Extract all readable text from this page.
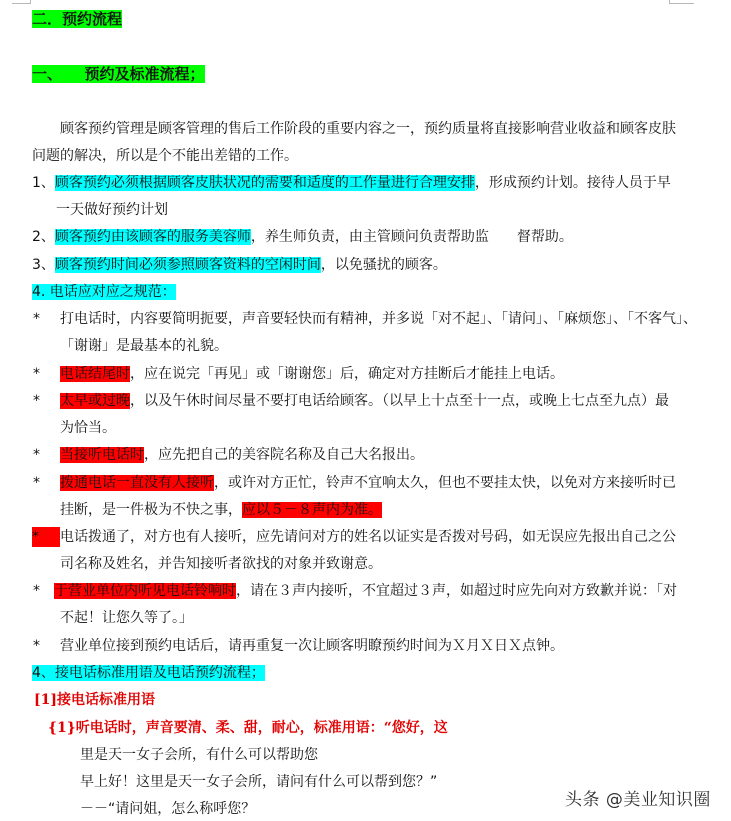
二．预约流程
一、　　预约及标准流程；
顾客预约管理是顾客管理的售后工作阶段的重要内容之一，预约质量将直接影响营业收益和顾客皮肤
问题的解决，所以是个不能出差错的工作。
1、顾客预约必须根据顾客皮肤状况的需要和适度的工作量进行合理安排，形成预约计划。接待人员于早
一天做好预约计划
2、顾客预约由该顾客的服务美容师，养生师负责，由主管顾问负责帮助监　　督帮助。
3、顾客预约时间必须参照顾客资料的空闲时间，以免骚扰的顾客。
4. 电话应对应之规范：
*	打电话时，内容要简明扼要，声音要轻快而有精神，并多说「对不起」、「请问」、「麻烦您」、「不客气」、
「谢谢」是最基本的礼貌。
*	电话结尾时，应在说完「再见」或「谢谢您」后，确定对方挂断后才能挂上电话。
*	太早或过晚，以及午休时间尽量不要打电话给顾客。（以早上十点至十一点，或晚上七点至九点）最
为恰当。
*	当接听电话时，应先把自己的美容院名称及自己大名报出。
*	拨通电话一直没有人接听，或许对方正忙，铃声不宜响太久，但也不要挂太快，以免对方来接听时已
挂断，是一件极为不快之事，应以５－８声内为准。
*	电话拨通了，对方也有人接听，应先请问对方的姓名以证实是否拨对号码，如无误应先报出自己之公
司名称及姓名，并告知接听者欲找的对象并致谢意。
*	于营业单位内听见电话铃响时，请在３声内接听，不宜超过３声，如超过时应先向对方致歉并说：「对
不起！让您久等了。」
*	营业单位接到预约电话后，请再重复一次让顾客明瞭预约时间为Ｘ月Ｘ日Ｘ点钟。
4、接电话标准用语及电话预约流程；
[1]接电话标准用语
{1}听电话时，声音要清、柔、甜，耐心，标准用语：“您好，这
里是天一女子会所，有什么可以帮助您
早上好！这里是天一女子会所，请问有什么可以帮到您？”
－－“请问姐，怎么称呼您？	头条 @美业知识圈
